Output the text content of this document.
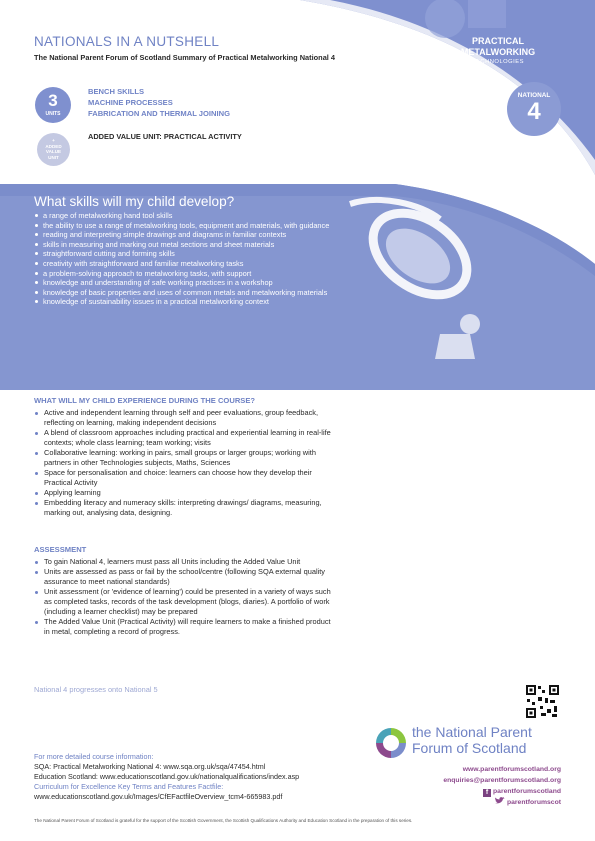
NATIONALS IN A NUTSHELL
The National Parent Forum of Scotland Summary of Practical Metalworking National 4
PRACTICAL
METALWORKING
TECHNOLOGIES
NATIONAL
4
3
UNITS
+
ADDED
VALUE
UNIT
BENCH SKILLS
MACHINE PROCESSES
FABRICATION AND THERMAL JOINING
ADDED VALUE UNIT: PRACTICAL ACTIVITY
What skills will my child develop?
a range of metalworking hand tool skills
the ability to use a range of metalworking tools, equipment and materials, with guidance
reading and interpreting simple drawings and diagrams in familiar contexts
skills in measuring and marking out metal sections and sheet materials
straightforward cutting and forming skills
creativity with straightforward and familiar metalworking tasks
a problem-solving approach to metalworking tasks, with support
knowledge and understanding of safe working practices in a workshop
knowledge of basic properties and uses of common metals and metalworking materials
knowledge of sustainability issues in a practical metalworking context
WHAT WILL MY CHILD EXPERIENCE DURING THE COURSE?
Active and independent learning through self and peer evaluations, group feedback, reflecting on learning, making independent decisions
A blend of classroom approaches including practical and experiential learning in real-life contexts; whole class learning; team working; visits
Collaborative learning: working in pairs, small groups or larger groups; working with partners in other Technologies subjects, Maths, Sciences
Space for personalisation and choice: learners can choose how they develop their Practical Activity
Applying learning
Embedding literacy and numeracy skills: interpreting drawings/ diagrams, measuring, marking out, analysing data, designing.
ASSESSMENT
To gain National 4, learners must pass all Units including the Added Value Unit
Units are assessed as pass or fail by the school/centre (following SQA external quality assurance to meet national standards)
Unit assessment (or 'evidence of learning') could be presented in a variety of ways such as completed tasks, records of the task development (blogs, diaries). A portfolio of work (including a learner checklist) may be prepared
The Added Value Unit (Practical Activity) will require learners to make a finished product in metal, completing a record of progress.
National 4 progresses onto National 5
the National Parent
Forum of Scotland
www.parentforumscotland.org
enquiries@parentforumscotland.org
f parentforumscotland
parentforumscot
For more detailed course information:
SQA: Practical Metalworking National 4: www.sqa.org.uk/sqa/47454.html
Education Scotland: www.educationscotland.gov.uk/nationalqualifications/index.asp
Curriculum for Excellence Key Terms and Features Factfile:
www.educationscotland.gov.uk/Images/CfEFactfileOverview_tcm4-665983.pdf
The National Parent Forum of Scotland is grateful for the support of the Scottish Government, the Scottish Qualifications Authority and Education Scotland in the preparation of this series.
